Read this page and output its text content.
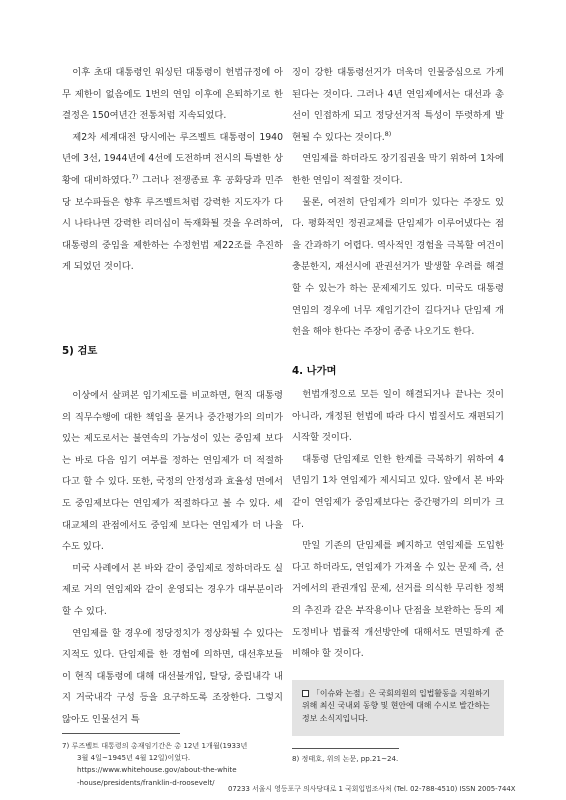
이후 초대 대통령인 워싱턴 대통령이 헌법규정에 아무 제한이 없음에도 1번의 연임 이후에 은퇴하기로 한 결정은 150여년간 전통처럼 지속되었다.

제2차 세계대전 당시에는 루즈벨트 대통령이 1940년에 3선, 1944년에 4선에 도전하며 전시의 특별한 상황에 대비하였다.$^{7)}$ 그러나 전쟁종료 후 공화당과 민주당 보수파들은 향후 루즈벨트처럼 강력한 지도자가 다시 나타나면 강력한 리더십이 독재화될 것을 우려하여, 대통령의 중임을 제한하는 수정헌법 제22조를 추진하게 되었던 것이다.

5) 검토

이상에서 살펴본 임기제도를 비교하면, 현직 대통령의 직무수행에 대한 책임을 묻거나 중간평가의 의미가 있는 제도로서는 불연속의 가능성이 있는 중임제 보다는 바로 다음 임기 여부를 정하는 연임제가 더 적절하다고 할 수 있다. 또한, 국정의 안정성과 효율성 면에서도 중임제보다는 연임제가 적절하다고 볼 수 있다. 세대교체의 관점에서도 중임제 보다는 연임제가 더 나을 수도 있다.

미국 사례에서 본 바와 같이 중임제로 정하더라도 실제로 거의 연임제와 같이 운영되는 경우가 대부분이라 할 수 있다.

연임제를 할 경우에 정당정치가 정상화될 수 있다는 지적도 있다. 단임제를 한 경험에 의하면, 대선후보들이 현직 대통령에 대해 대선불개입, 탈당, 중립내각 내지 거국내각 구성 등을 요구하도록 조장한다. 그렇지 않아도 인물선거 특

징이 강한 대통령선거가 더욱더 인물중심으로 가게 된다는 것이다. 그러나 4년 연임제에서는 대선과 총선이 인접하게 되고 정당선거적 특성이 뚜렷하게 발현될 수 있다는 것이다.$^{8)}$

연임제를 하더라도 장기집권을 막기 위하여 1차에 한한 연임이 적절할 것이다.

물론, 여전히 단임제가 의미가 있다는 주장도 있다. 평화적인 정권교체를 단임제가 이루어냈다는 점을 간과하기 어렵다. 역사적인 경험을 극복할 여건이 충분한지, 재선시에 관권선거가 발생할 우려를 해결할 수 있는가 하는 문제제기도 있다. 미국도 대통령 연임의 경우에 너무 재임기간이 길다거나 단임제 개헌을 해야 한다는 주장이 종종 나오기도 한다.

4. 나가며

헌법개정으로 모든 일이 해결되거나 끝나는 것이 아니라, 개정된 헌법에 따라 다시 법질서도 재편되기 시작할 것이다.

대통령 단임제로 인한 한계를 극복하기 위하여 4년임기 1차 연임제가 제시되고 있다. 앞에서 본 바와 같이 연임제가 중임제보다는 중간평가의 의미가 크다.

만일 기존의 단임제를 폐지하고 연임제를 도입한다고 하더라도, 연임제가 가져올 수 있는 문제 즉, 선거에서의 관권개입 문제, 선거를 의식한 무리한 정책의 추진과 같은 부작용이나 단점을 보완하는 등의 제도정비나 법률적 개선방안에 대해서도 면밀하게 준비해야 할 것이다.

「이슈와 논점」은 국회의원의 입법활동을 지원하기 위해 최신 국내외 동향 및 현안에 대해 수시로 발간하는 정보 소식지입니다.
7) 루즈벨트 대통령의 총재임기간은 총 12년 1개월(1933년
3월 4일~1945년 4월 12일)이었다.
https://www.whitehouse.gov/about-the-white
-house/presidents/franklin-d-roosevelt/
07233 서울시 영등포구 의사당대로 1 국회입법조사처 (Tel. 02-788-4510) ISSN 2005-744X
8) 정태호, 위의 논문, pp.21~24.
